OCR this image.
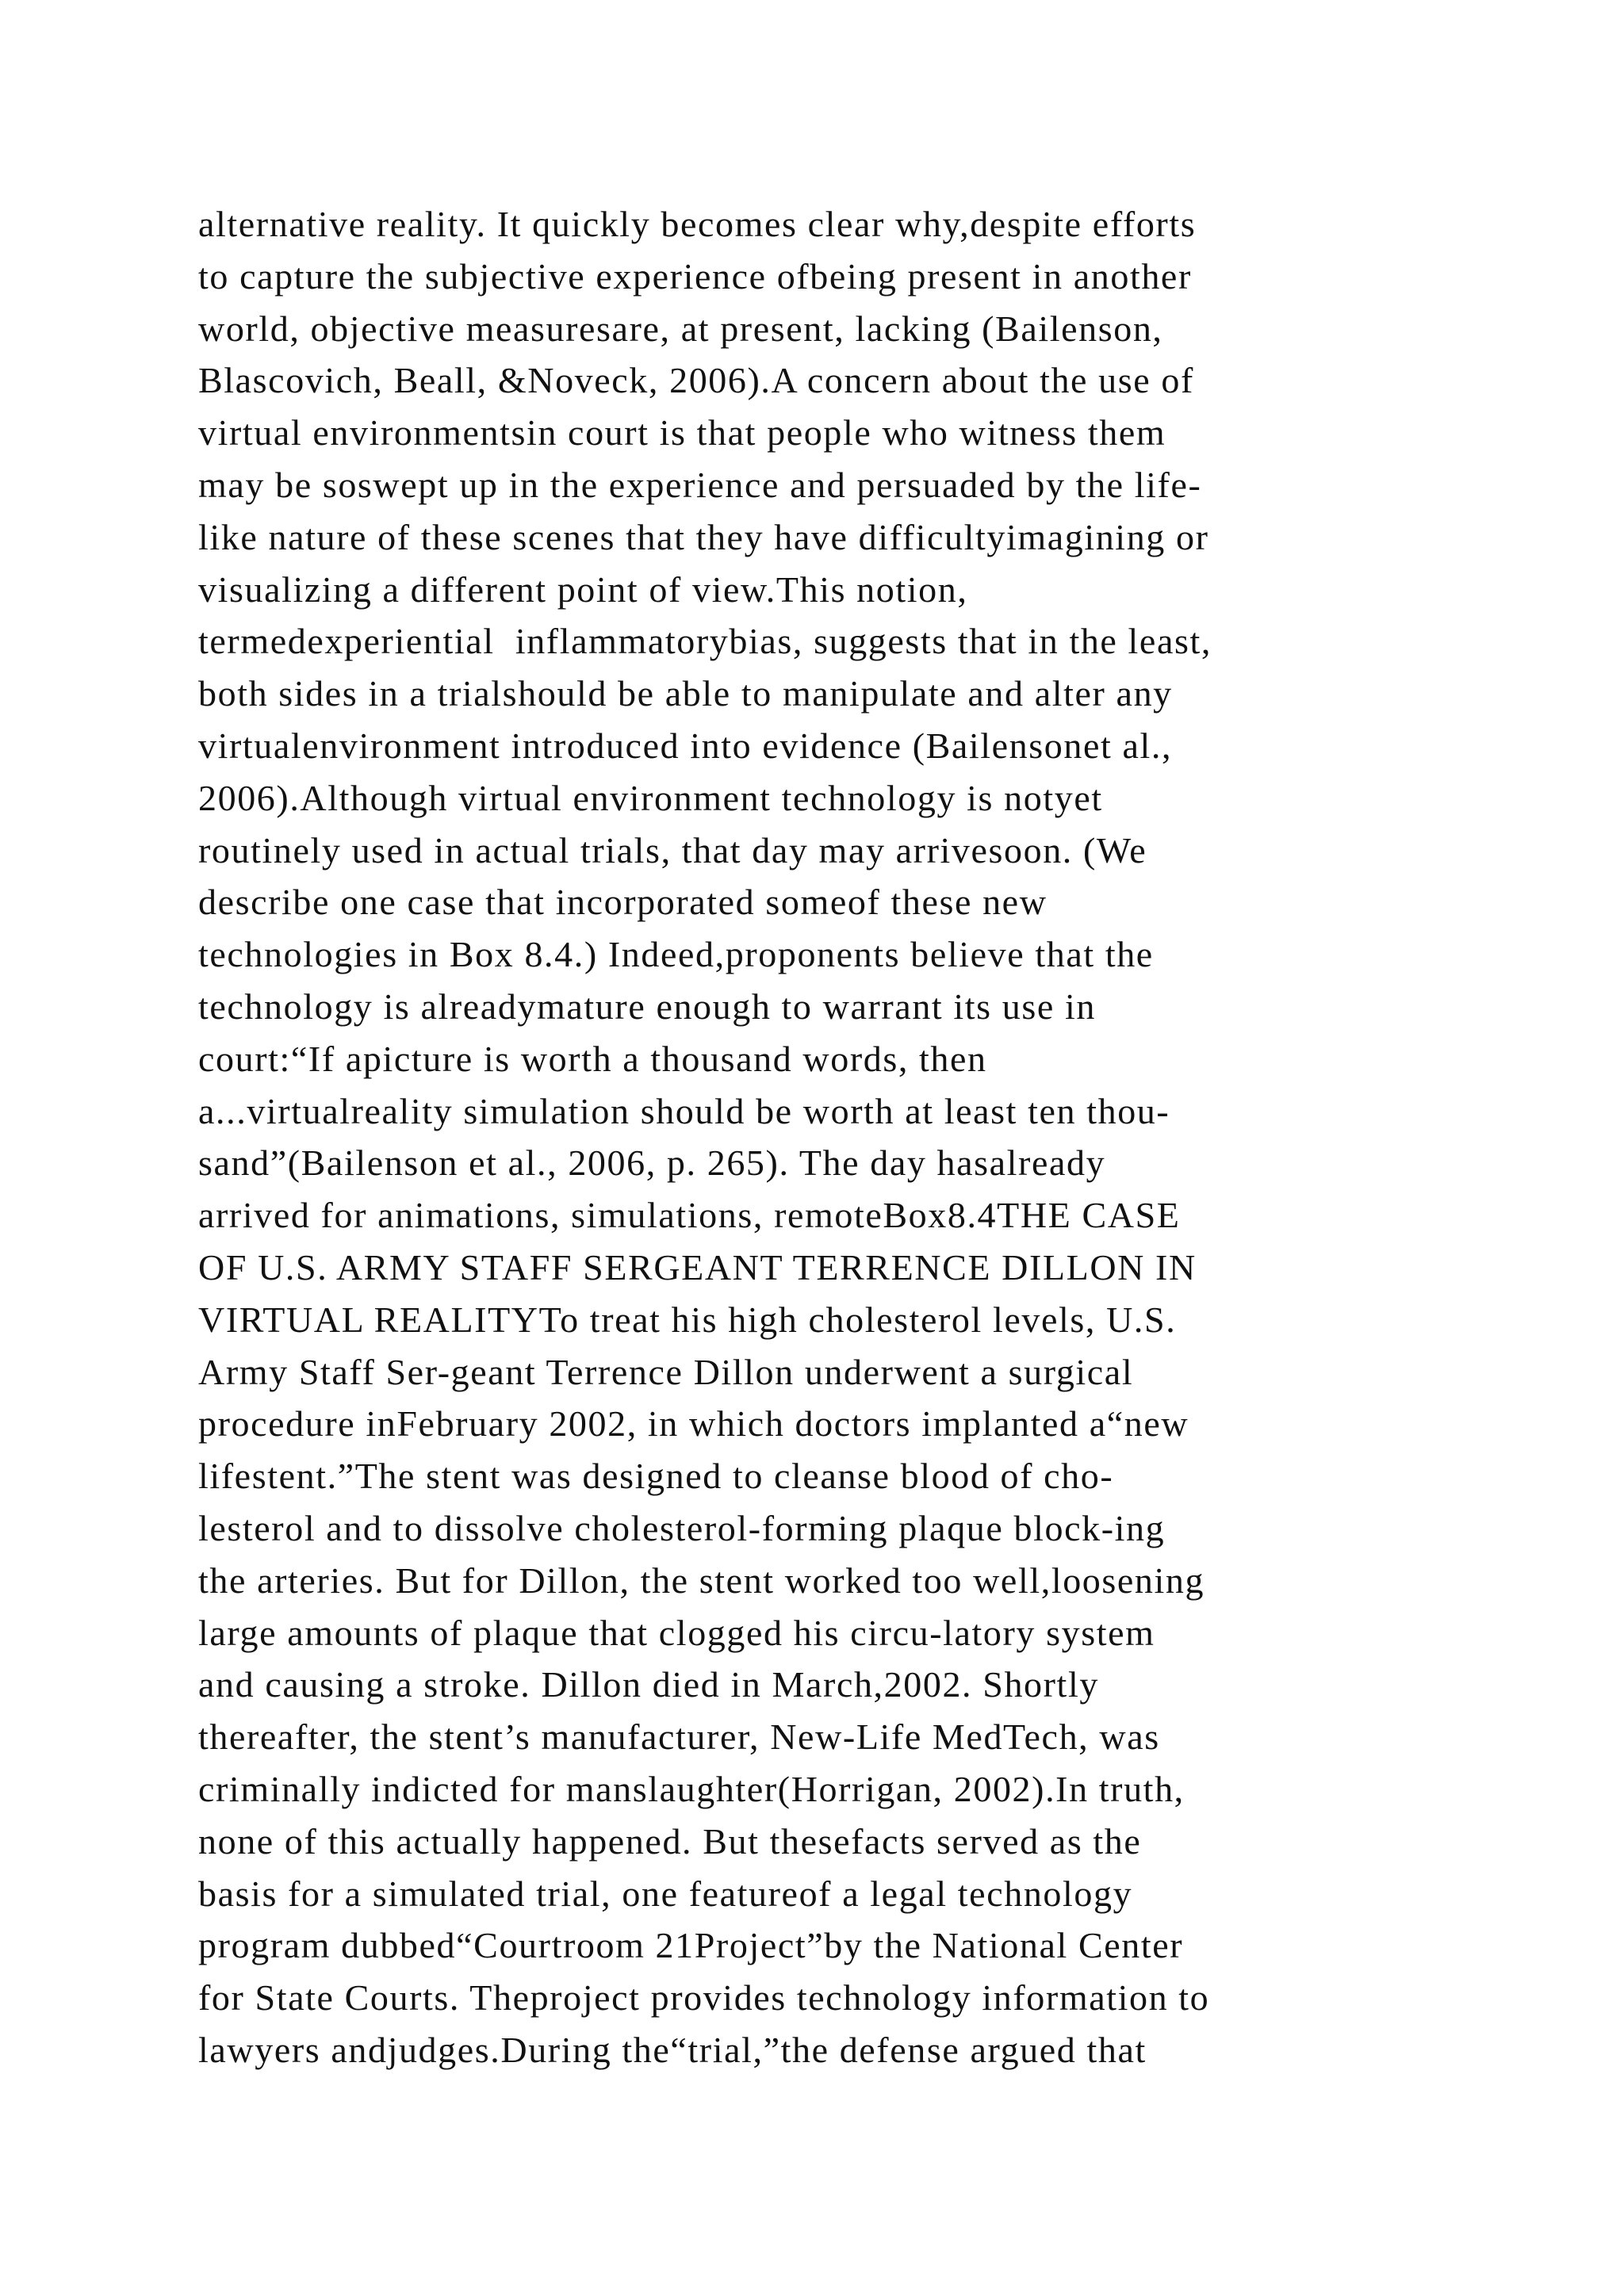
alternative reality. It quickly becomes clear why,despite efforts
to capture the subjective experience ofbeing present in another
world, objective measuresare, at present, lacking (Bailenson,
Blascovich, Beall, &Noveck, 2006).A concern about the use of
virtual environmentsin court is that people who witness them
may be soswept up in the experience and persuaded by the life-
like nature of these scenes that they have difficultyimagining or
visualizing a different point of view.This notion,
termedexperiential  inflammatorybias, suggests that in the least,
both sides in a trialshould be able to manipulate and alter any
virtualenvironment introduced into evidence (Bailensonet al.,
2006).Although virtual environment technology is notyet
routinely used in actual trials, that day may arrivesoon. (We
describe one case that incorporated someof these new
technologies in Box 8.4.) Indeed,proponents believe that the
technology is alreadymature enough to warrant its use in
court:“If apicture is worth a thousand words, then
a...virtualreality simulation should be worth at least ten thou-
sand”(Bailenson et al., 2006, p. 265). The day hasalready
arrived for animations, simulations, remoteBox8.4THE CASE
OF U.S. ARMY STAFF SERGEANT TERRENCE DILLON IN
VIRTUAL REALITYTo treat his high cholesterol levels, U.S.
Army Staff Ser-geant Terrence Dillon underwent a surgical
procedure inFebruary 2002, in which doctors implanted a“new
lifestent.”The stent was designed to cleanse blood of cho-
lesterol and to dissolve cholesterol-forming plaque block-ing
the arteries. But for Dillon, the stent worked too well,loosening
large amounts of plaque that clogged his circu-latory system
and causing a stroke. Dillon died in March,2002. Shortly
thereafter, the stent’s manufacturer, New-Life MedTech, was
criminally indicted for manslaughter(Horrigan, 2002).In truth,
none of this actually happened. But thesefacts served as the
basis for a simulated trial, one featureof a legal technology
program dubbed“Courtroom 21Project”by the National Center
for State Courts. Theproject provides technology information to
lawyers andjudges.During the“trial,”the defense argued that
